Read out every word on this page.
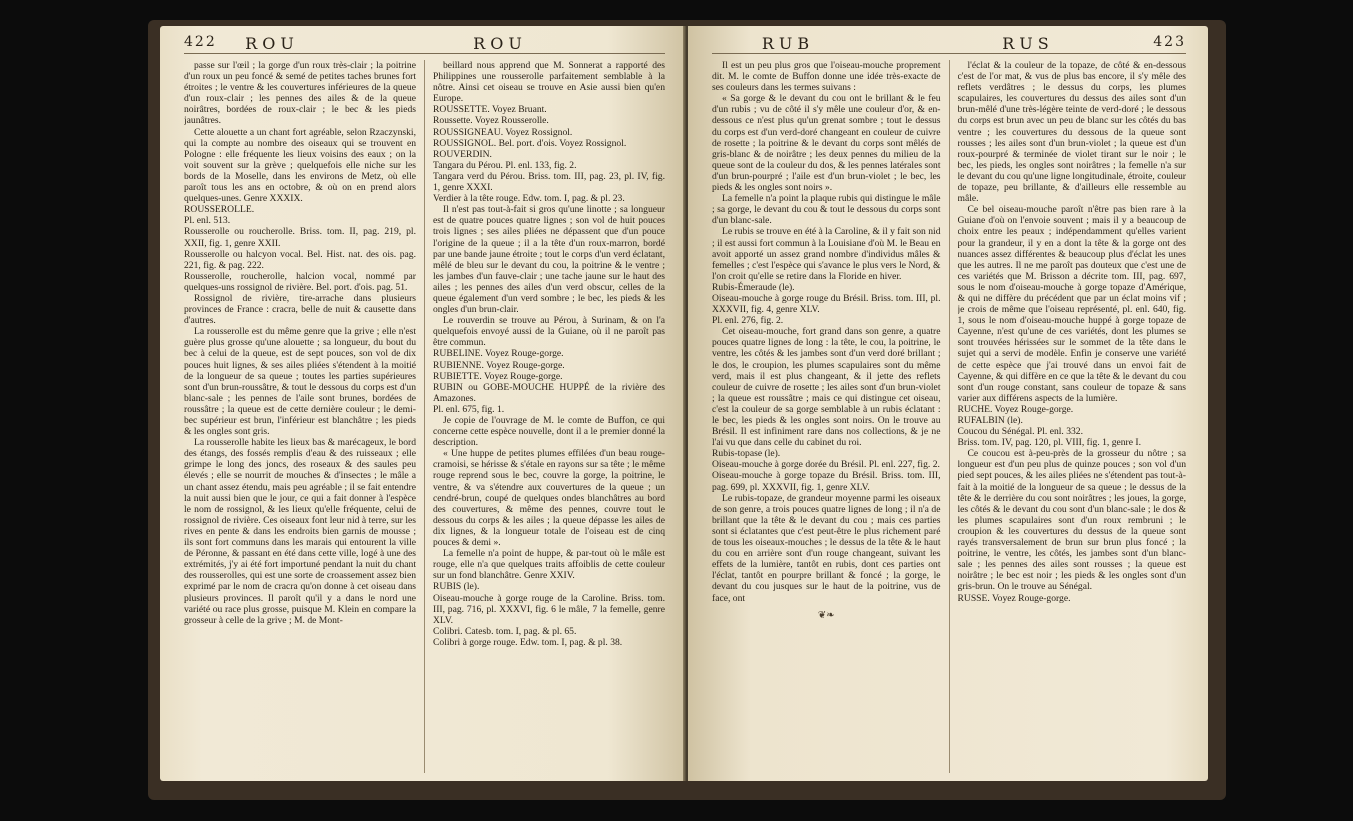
422	ROU	ROU

passe sur l'œil ; la gorge d'un roux très-clair ; la poitrine d'un roux un peu foncé & semé de petites taches brunes fort étroites ; le ventre & les couvertures inférieures de la queue d'un roux-clair ; les pennes des ailes & de la queue noirâtres, bordées de roux-clair ; le bec & les pieds jaunâtres.

Cette alouette a un chant fort agréable, selon Rzaczynski, qui la compte au nombre des oiseaux qui se trouvent en Pologne : elle fréquente les lieux voisins des eaux ; on la voit souvent sur la grève ; quelquefois elle niche sur les bords de la Moselle, dans les environs de Metz, où elle paroît tous les ans en octobre, & où on en prend alors quelques-unes. Genre XXXIX.

ROUSSEROLLE.

Pl. enl. 513.

Rousserolle ou roucherolle. Briss. tom. II, pag. 219, pl. XXII, fig. 1, genre XXII.

Rousserolle ou halcyon vocal. Bel. Hist. nat. des ois. pag. 221, fig. & pag. 222.

Rousserolle, roucherolle, halcion vocal, nommé par quelques-uns rossignol de rivière. Bel. port. d'ois. pag. 51.

Rossignol de rivière, tire-arrache dans plusieurs provinces de France : cracra, belle de nuit & causette dans d'autres.

La rousserolle est du même genre que la grive ; elle n'est guère plus grosse qu'une alouette ; sa longueur, du bout du bec à celui de la queue, est de sept pouces, son vol de dix pouces huit lignes, & ses ailes pliées s'étendent à la moitié de la longueur de sa queue ; toutes les parties supérieures sont d'un brun-roussâtre, & tout le dessous du corps est d'un blanc-sale ; les pennes de l'aile sont brunes, bordées de roussâtre ; la queue est de cette dernière couleur ; le demi-bec supérieur est brun, l'inférieur est blanchâtre ; les pieds & les ongles sont gris.

La rousserolle habite les lieux bas & marécageux, le bord des étangs, des fossés remplis d'eau & des ruisseaux ; elle grimpe le long des joncs, des roseaux & des saules peu élevés ; elle se nourrit de mouches & d'insectes ; le mâle a un chant assez étendu, mais peu agréable ; il se fait entendre la nuit aussi bien que le jour, ce qui a fait donner à l'espèce le nom de rossignol, & les lieux qu'elle fréquente, celui de rossignol de rivière. Ces oiseaux font leur nid à terre, sur les rives en pente & dans les endroits bien garnis de mousse ; ils sont fort communs dans les marais qui entourent la ville de Péronne, & passant en été dans cette ville, logé à une des extrémités, j'y ai été fort importuné pendant la nuit du chant des rousserolles, qui est une sorte de croassement assez bien exprimé par le nom de cracra qu'on donne à cet oiseau dans plusieurs provinces. Il paroît qu'il y a dans le nord une variété ou race plus grosse, puisque M. Klein en compare la grosseur à celle de la grive ; M. de Mont-

beillard nous apprend que M. Sonnerat a rapporté des Philippines une rousserolle parfaitement semblable à la nôtre. Ainsi cet oiseau se trouve en Asie aussi bien qu'en Europe.

ROUSSETTE. Voyez Bruant.

Roussette. Voyez Rousserolle.

ROUSSIGNEAU. Voyez Rossignol.

ROUSSIGNOL. Bel. port. d'ois. Voyez Rossignol.

ROUVERDIN.

Tangara du Pérou. Pl. enl. 133, fig. 2.

Tangara verd du Pérou. Briss. tom. III, pag. 23, pl. IV, fig. 1, genre XXXI.

Verdier à la tête rouge. Edw. tom. I, pag. & pl. 23.

Il n'est pas tout-à-fait si gros qu'une linotte ; sa longueur est de quatre pouces quatre lignes ; son vol de huit pouces trois lignes ; ses ailes pliées ne dépassent que d'un pouce l'origine de la queue ; il a la tête d'un roux-marron, bordé par une bande jaune étroite ; tout le corps d'un verd éclatant, mêlé de bleu sur le devant du cou, la poitrine & le ventre ; les jambes d'un fauve-clair ; une tache jaune sur le haut des ailes ; les pennes des ailes d'un verd obscur, celles de la queue également d'un verd sombre ; le bec, les pieds & les ongles d'un brun-clair.

Le rouverdin se trouve au Pérou, à Surinam, & on l'a quelquefois envoyé aussi de la Guiane, où il ne paroît pas être commun.

RUBELINE. Voyez Rouge-gorge.

RUBIENNE. Voyez Rouge-gorge.

RUBIETTE. Voyez Rouge-gorge.

RUBIN ou GOBE-MOUCHE HUPPÉ de la rivière des Amazones.

Pl. enl. 675, fig. 1.

Je copie de l'ouvrage de M. le comte de Buffon, ce qui concerne cette espèce nouvelle, dont il a le premier donné la description.

« Une huppe de petites plumes effilées d'un beau rouge-cramoisi, se hérisse & s'étale en rayons sur sa tête ; le même rouge reprend sous le bec, couvre la gorge, la poitrine, le ventre, & va s'étendre aux couvertures de la queue ; un cendré-brun, coupé de quelques ondes blanchâtres au bord des couvertures, & même des pennes, couvre tout le dessous du corps & les ailes ; la queue dépasse les ailes de dix lignes, & la longueur totale de l'oiseau est de cinq pouces & demi ».

La femelle n'a point de huppe, & par-tout où le mâle est rouge, elle n'a que quelques traits affoiblis de cette couleur sur un fond blanchâtre. Genre XXIV.

RUBIS (le).

Oiseau-mouche à gorge rouge de la Caroline. Briss. tom. III, pag. 716, pl. XXXVI, fig. 6 le mâle, 7 la femelle, genre XLV.

Colibri. Catesb. tom. I, pag. & pl. 65.

Colibri à gorge rouge. Edw. tom. I, pag. & pl. 38.

RUB	RUS	423

Il est un peu plus gros que l'oiseau-mouche proprement dit. M. le comte de Buffon donne une idée très-exacte de ses couleurs dans les termes suivans :

« Sa gorge & le devant du cou ont le brillant & le feu d'un rubis ; vu de côté il s'y mêle une couleur d'or, & en-dessous ce n'est plus qu'un grenat sombre ; tout le dessus du corps est d'un verd-doré changeant en couleur de cuivre de rosette ; la poitrine & le devant du corps sont mêlés de gris-blanc & de noirâtre ; les deux pennes du milieu de la queue sont de la couleur du dos, & les pennes latérales sont d'un brun-pourpré ; l'aile est d'un brun-violet ; le bec, les pieds & les ongles sont noirs ».

La femelle n'a point la plaque rubis qui distingue le mâle ; sa gorge, le devant du cou & tout le dessous du corps sont d'un blanc-sale.

Le rubis se trouve en été à la Caroline, & il y fait son nid ; il est aussi fort commun à la Louisiane d'où M. le Beau en avoit apporté un assez grand nombre d'individus mâles & femelles ; c'est l'espèce qui s'avance le plus vers le Nord, & l'on croit qu'elle se retire dans la Floride en hiver.

Rubis-Émeraude (le).

Oiseau-mouche à gorge rouge du Brésil. Briss. tom. III, pl. XXXVII, fig. 4, genre XLV.

Pl. enl. 276, fig. 2.

Cet oiseau-mouche, fort grand dans son genre, a quatre pouces quatre lignes de long : la tête, le cou, la poitrine, le ventre, les côtés & les jambes sont d'un verd doré brillant ; le dos, le croupion, les plumes scapulaires sont du même verd, mais il est plus changeant, & il jette des reflets couleur de cuivre de rosette ; les ailes sont d'un brun-violet ; la queue est roussâtre ; mais ce qui distingue cet oiseau, c'est la couleur de sa gorge semblable à un rubis éclatant : le bec, les pieds & les ongles sont noirs. On le trouve au Brésil. Il est infiniment rare dans nos collections, & je ne l'ai vu que dans celle du cabinet du roi.

Rubis-topase (le).

Oiseau-mouche à gorge dorée du Brésil. Pl. enl. 227, fig. 2.

Oiseau-mouche à gorge topaze du Brésil. Briss. tom. III, pag. 699, pl. XXXVII, fig. 1, genre XLV.

Le rubis-topaze, de grandeur moyenne parmi les oiseaux de son genre, a trois pouces quatre lignes de long ; il n'a de brillant que la tête & le devant du cou ; mais ces parties sont si éclatantes que c'est peut-être le plus richement paré de tous les oiseaux-mouches ; le dessus de la tête & le haut du cou en arrière sont d'un rouge changeant, suivant les effets de la lumière, tantôt en rubis, dont ces parties ont l'éclat, tantôt en pourpre brillant & foncé ; la gorge, le devant du cou jusques sur le haut de la poitrine, vus de face, ont

❦❧

l'éclat & la couleur de la topaze, de côté & en-dessous c'est de l'or mat, & vus de plus bas encore, il s'y mêle des reflets verdâtres ; le dessus du corps, les plumes scapulaires, les couvertures du dessus des ailes sont d'un brun-mêlé d'une très-légère teinte de verd-doré ; le dessous du corps est brun avec un peu de blanc sur les côtés du bas ventre ; les couvertures du dessous de la queue sont rousses ; les ailes sont d'un brun-violet ; la queue est d'un roux-pourpré & terminée de violet tirant sur le noir ; le bec, les pieds, les ongles sont noirâtres ; la femelle n'a sur le devant du cou qu'une ligne longitudinale, étroite, couleur de topaze, peu brillante, & d'ailleurs elle ressemble au mâle.

Ce bel oiseau-mouche paroît n'être pas bien rare à la Guiane d'où on l'envoie souvent ; mais il y a beaucoup de choix entre les peaux ; indépendamment qu'elles varient pour la grandeur, il y en a dont la tête & la gorge ont des nuances assez différentes & beaucoup plus d'éclat les unes que les autres. Il ne me paroît pas douteux que c'est une de ces variétés que M. Brisson a décrite tom. III, pag. 697, sous le nom d'oiseau-mouche à gorge topaze d'Amérique, & qui ne diffère du précédent que par un éclat moins vif ; je crois de même que l'oiseau représenté, pl. enl. 640, fig. 1, sous le nom d'oiseau-mouche huppé à gorge topaze de Cayenne, n'est qu'une de ces variétés, dont les plumes se sont trouvées hérissées sur le sommet de la tête dans le sujet qui a servi de modèle. Enfin je conserve une variété de cette espèce que j'ai trouvé dans un envoi fait de Cayenne, & qui diffère en ce que la tête & le devant du cou sont d'un rouge constant, sans couleur de topaze & sans varier aux différens aspects de la lumière.

RUCHE. Voyez Rouge-gorge.

RUFALBIN (le).

Coucou du Sénégal. Pl. enl. 332.

Briss. tom. IV, pag. 120, pl. VIII, fig. 1, genre I.

Ce coucou est à-peu-près de la grosseur du nôtre ; sa longueur est d'un peu plus de quinze pouces ; son vol d'un pied sept pouces, & les ailes pliées ne s'étendent pas tout-à-fait à la moitié de la longueur de sa queue ; le dessus de la tête & le derrière du cou sont noirâtres ; les joues, la gorge, les côtés & le devant du cou sont d'un blanc-sale ; le dos & les plumes scapulaires sont d'un roux rembruni ; le croupion & les couvertures du dessus de la queue sont rayés transversalement de brun sur brun plus foncé ; la poitrine, le ventre, les côtés, les jambes sont d'un blanc-sale ; les pennes des ailes sont rousses ; la queue est noirâtre ; le bec est noir ; les pieds & les ongles sont d'un gris-brun. On le trouve au Sénégal.

RUSSE. Voyez Rouge-gorge.
